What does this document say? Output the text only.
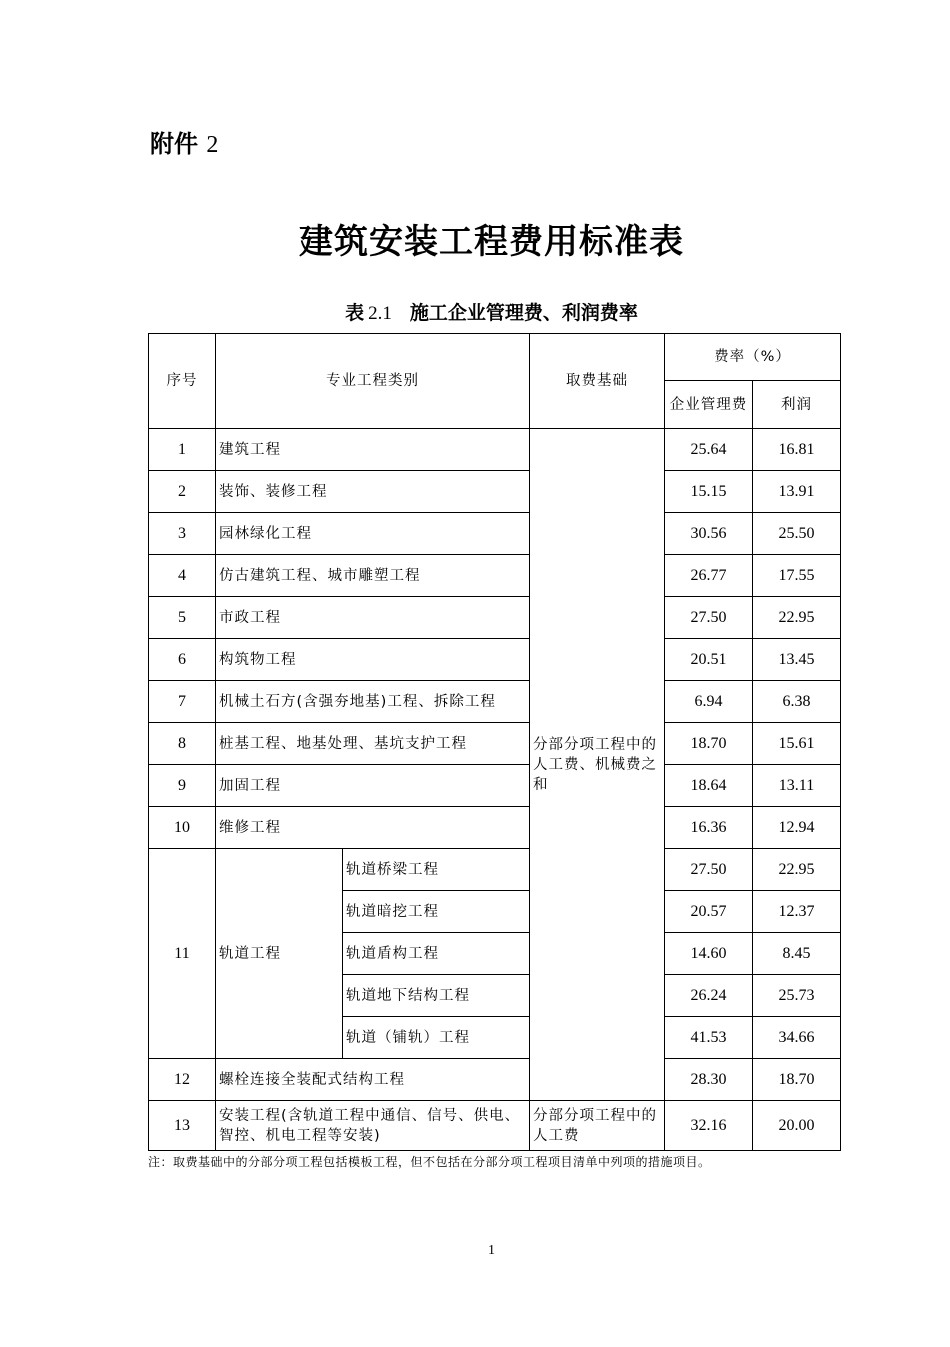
附件 2
建筑安装工程费用标准表
表 2.1 施工企业管理费、利润费率
序号	专业工程类别		取费基础	费率（%）	
				企业管理费	利润
1	建筑工程		分部分项工程中的人工费、机械费之和	25.64	16.81
2	装饰、装修工程			15.15	13.91
3	园林绿化工程			30.56	25.50
4	仿古建筑工程、城市雕塑工程			26.77	17.55
5	市政工程			27.50	22.95
6	构筑物工程			20.51	13.45
7	机械土石方(含强夯地基)工程、拆除工程			6.94	6.38
8	桩基工程、地基处理、基坑支护工程			18.70	15.61
9	加固工程			18.64	13.11
10	维修工程			16.36	12.94
11	轨道工程	轨道桥梁工程		27.50	22.95
		轨道暗挖工程		20.57	12.37
		轨道盾构工程		14.60	8.45
		轨道地下结构工程		26.24	25.73
		轨道（铺轨）工程		41.53	34.66
12	螺栓连接全装配式结构工程			28.30	18.70
13	安装工程(含轨道工程中通信、信号、供电、智控、机电工程等安装)		分部分项工程中的人工费	32.16	20.00
注：取费基础中的分部分项工程包括模板工程，但不包括在分部分项工程项目清单中列项的措施项目。
1
